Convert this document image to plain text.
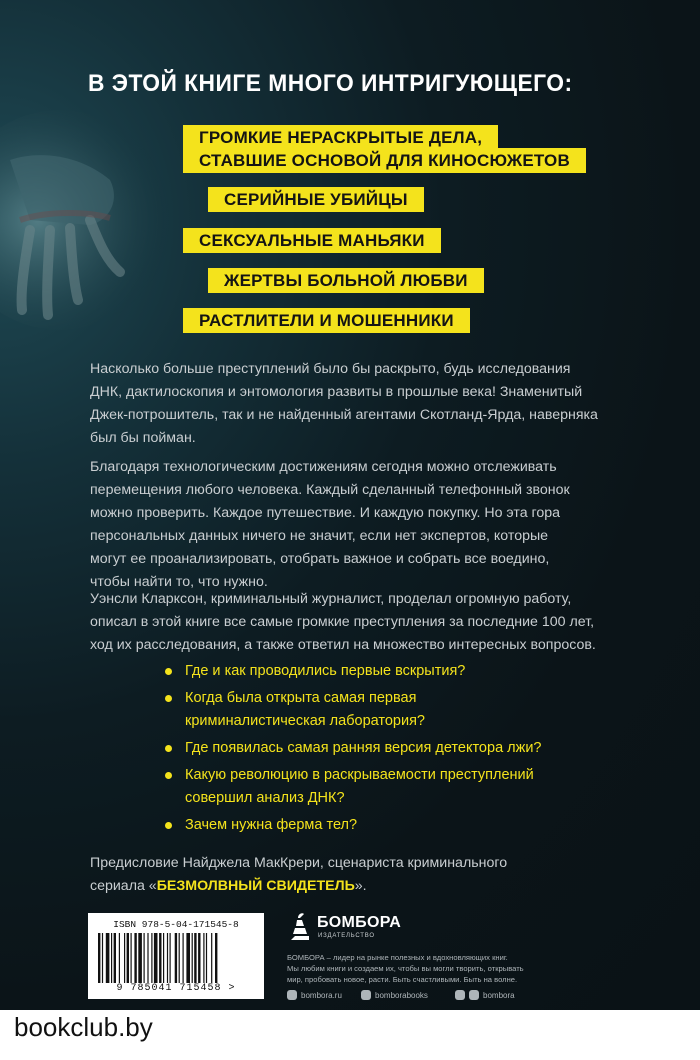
В ЭТОЙ КНИГЕ МНОГО ИНТРИГУЮЩЕГО:
ГРОМКИЕ НЕРАСКРЫТЫЕ ДЕЛА,
СТАВШИЕ ОСНОВОЙ ДЛЯ КИНОСЮЖЕТОВ
СЕРИЙНЫЕ УБИЙЦЫ
СЕКСУАЛЬНЫЕ МАНЬЯКИ
ЖЕРТВЫ БОЛЬНОЙ ЛЮБВИ
РАСТЛИТЕЛИ И МОШЕННИКИ
Насколько больше преступлений было бы раскрыто, будь исследования
ДНК, дактилоскопия и энтомология развиты в прошлые века! Знаменитый
Джек-потрошитель, так и не найденный агентами Скотланд-Ярда, наверняка
был бы пойман.
Благодаря технологическим достижениям сегодня можно отслеживать
перемещения любого человека. Каждый сделанный телефонный звонок
можно проверить. Каждое путешествие. И каждую покупку. Но эта гора
персональных данных ничего не значит, если нет экспертов, которые
могут ее проанализировать, отобрать важное и собрать все воедино,
чтобы найти то, что нужно.
Уэнсли Кларксон, криминальный журналист, проделал огромную работу,
описал в этой книге все самые громкие преступления за последние 100 лет,
ход их расследования, а также ответил на множество интересных вопросов.
Где и как проводились первые вскрытия?
Когда была открыта самая первая
криминалистическая лаборатория?
Где появилась самая ранняя версия детектора лжи?
Какую революцию в раскрываемости преступлений
совершил анализ ДНК?
Зачем нужна ферма тел?
Предисловие Найджела МакКрери, сценариста криминального
сериала «БЕЗМОЛВНЫЙ СВИДЕТЕЛЬ».
ISBN 978-5-04-171545-8
9 785041 715458 >
БОМБОРА
ИЗДАТЕЛЬСТВО
БОМБОРА – лидер на рынке полезных и вдохновляющих книг.
Мы любим книги и создаем их, чтобы вы могли творить, открывать
мир, пробовать новое, расти. Быть счастливыми. Быть на волне.
bombora.ru	bomborabooks	bombora
bookclub.by
